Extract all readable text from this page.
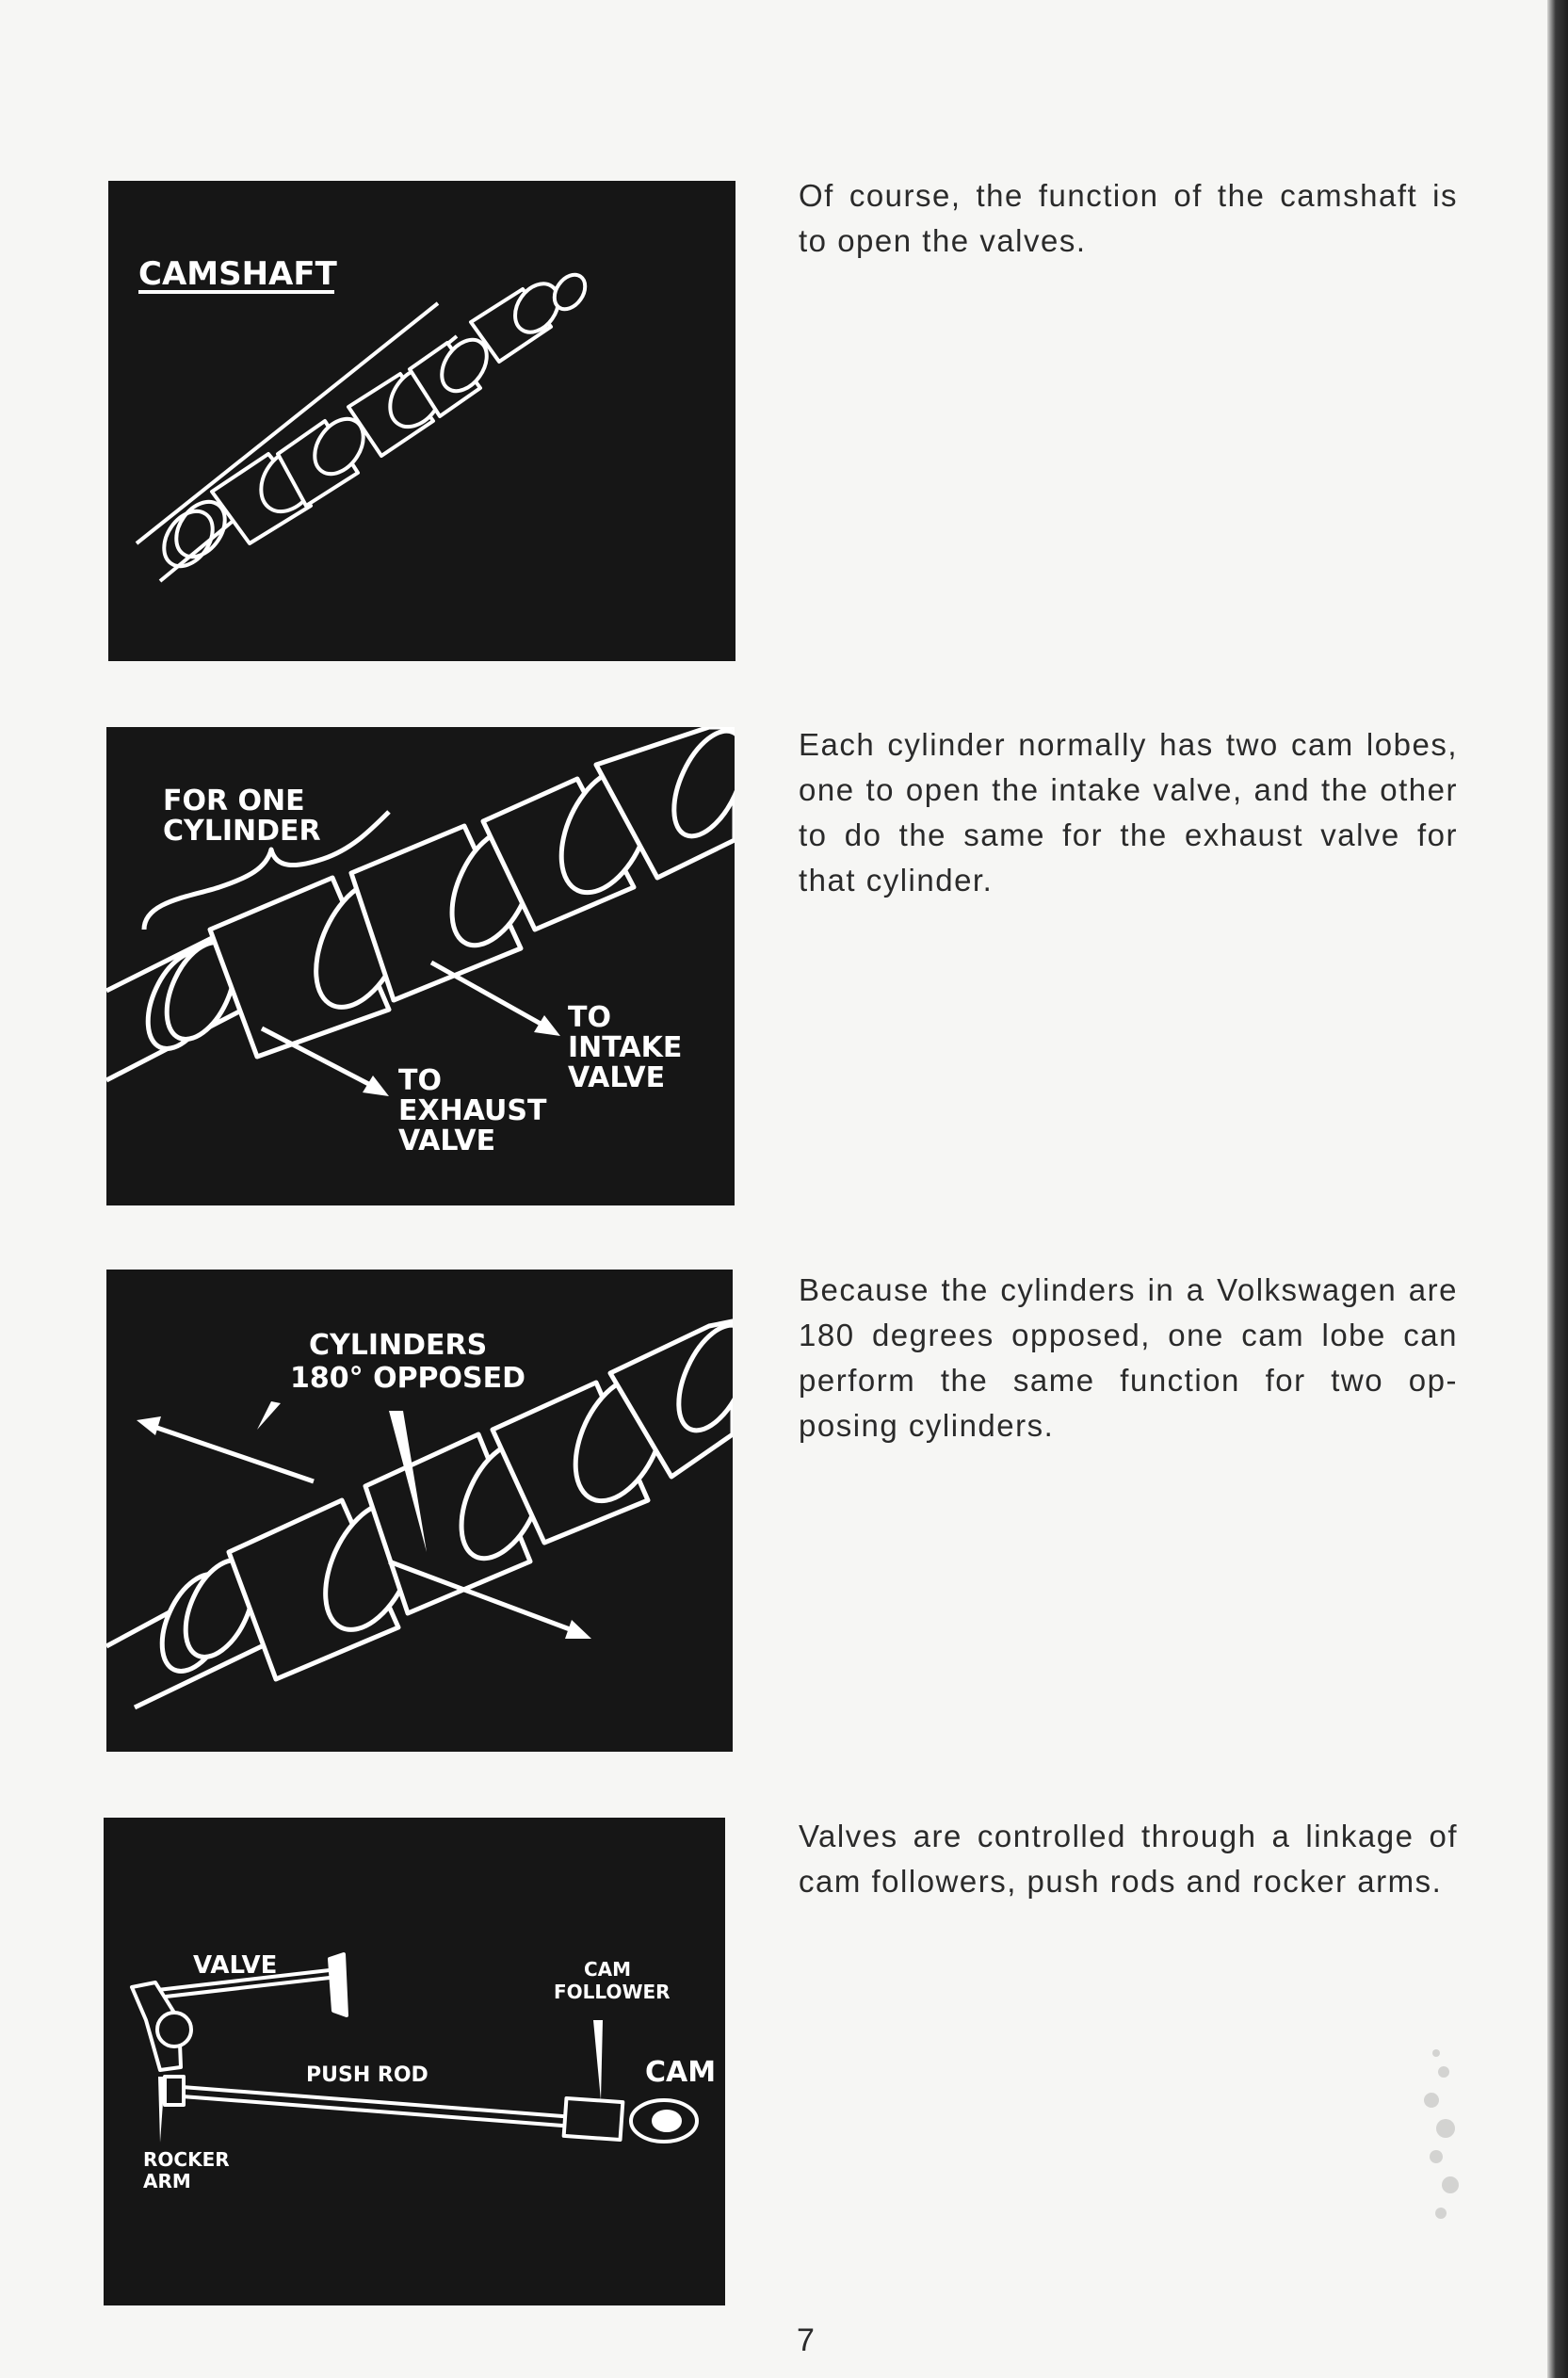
CAMSHAFT

Of course, the function of the camshaft is to open the valves.

FOR ONE
CYLINDER
TO
INTAKE
VALVE
TO
EXHAUST
VALVE

Each cylinder normally has two cam lobes, one to open the intake valve, and the other to do the same for the exhaust valve for that cylinder.

CYLINDERS
180° OPPOSED

Because the cylinders in a Volkswagen are 180 degrees opposed, one cam lobe can perform the same function for two op-posing cylinders.

VALVE	CAM
FOLLOWER
PUSH ROD	CAM
ROCKER
ARM

Valves are controlled through a linkage of cam followers, push rods and rocker arms.

7
